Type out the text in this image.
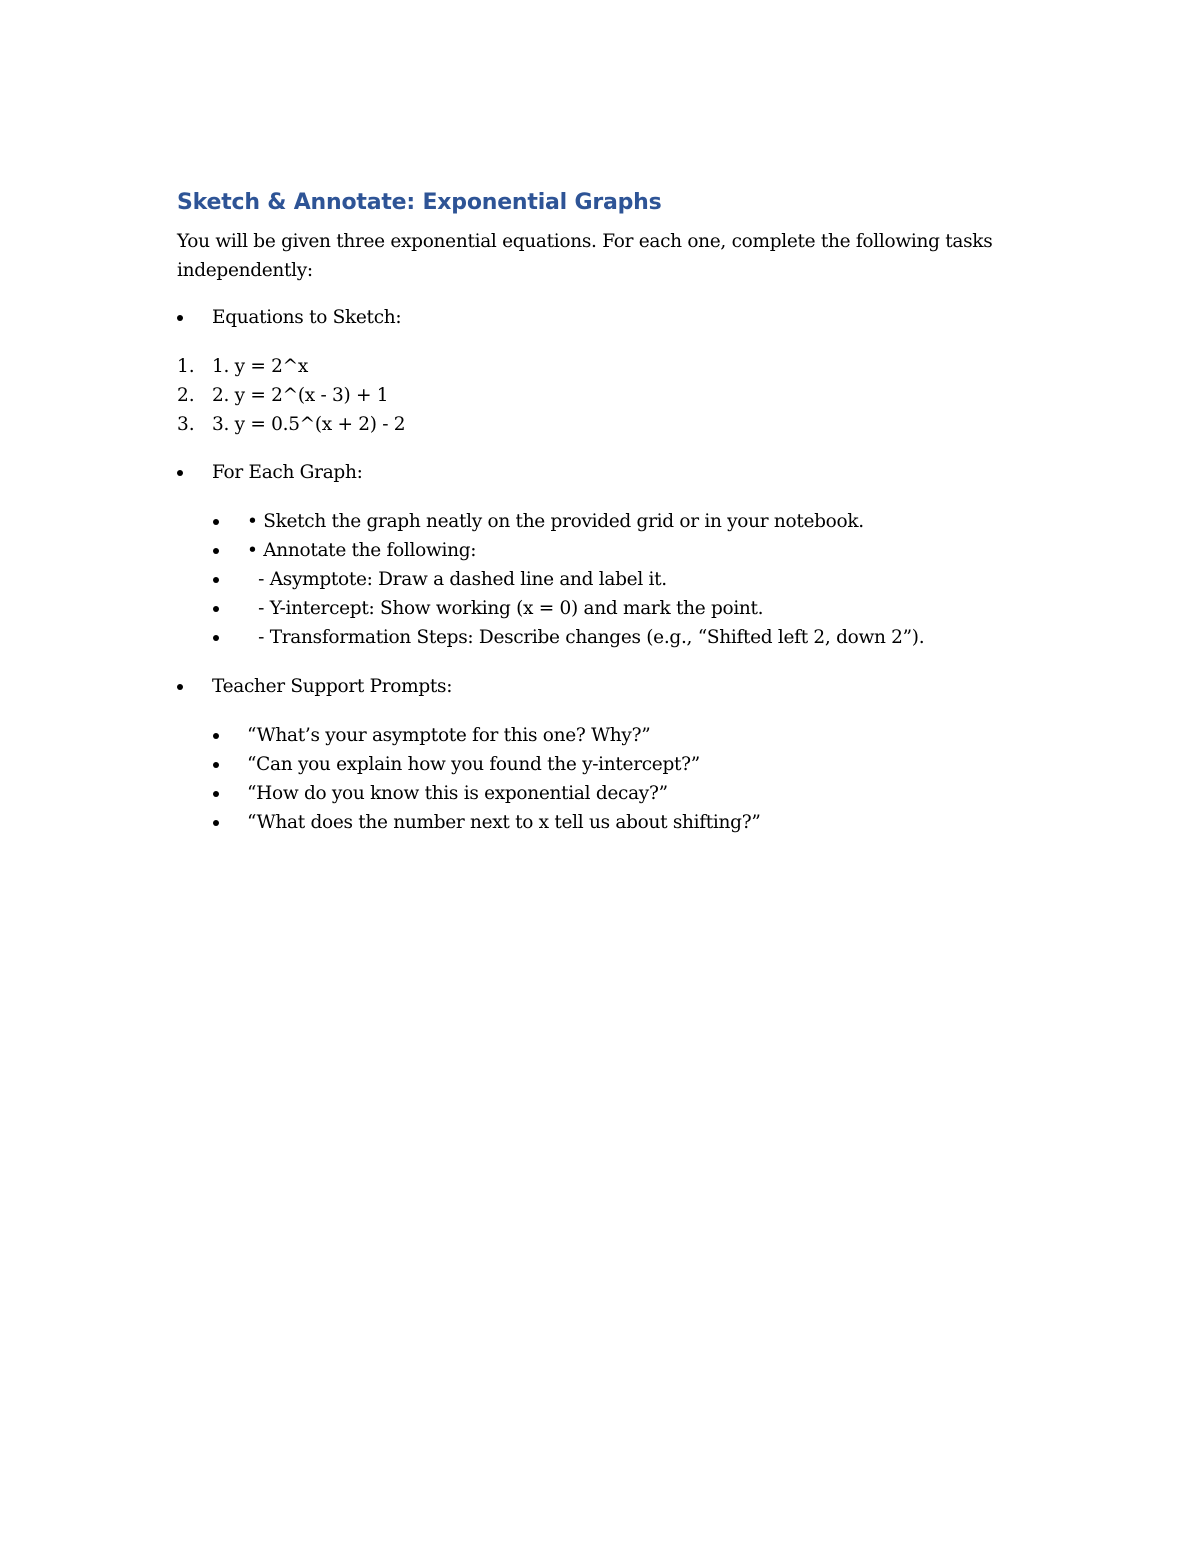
Sketch & Annotate: Exponential Graphs
You will be given three exponential equations. For each one, complete the following tasks independently:
Equations to Sketch:
1. 1. y = 2^x
2. 2. y = 2^(x - 3) + 1
3. 3. y = 0.5^(x + 2) - 2
For Each Graph:
• Sketch the graph neatly on the provided grid or in your notebook.
• Annotate the following:
- Asymptote: Draw a dashed line and label it.
- Y-intercept: Show working (x = 0) and mark the point.
- Transformation Steps: Describe changes (e.g., “Shifted left 2, down 2”).
Teacher Support Prompts:
“What’s your asymptote for this one? Why?”
“Can you explain how you found the y-intercept?”
“How do you know this is exponential decay?”
“What does the number next to x tell us about shifting?”
